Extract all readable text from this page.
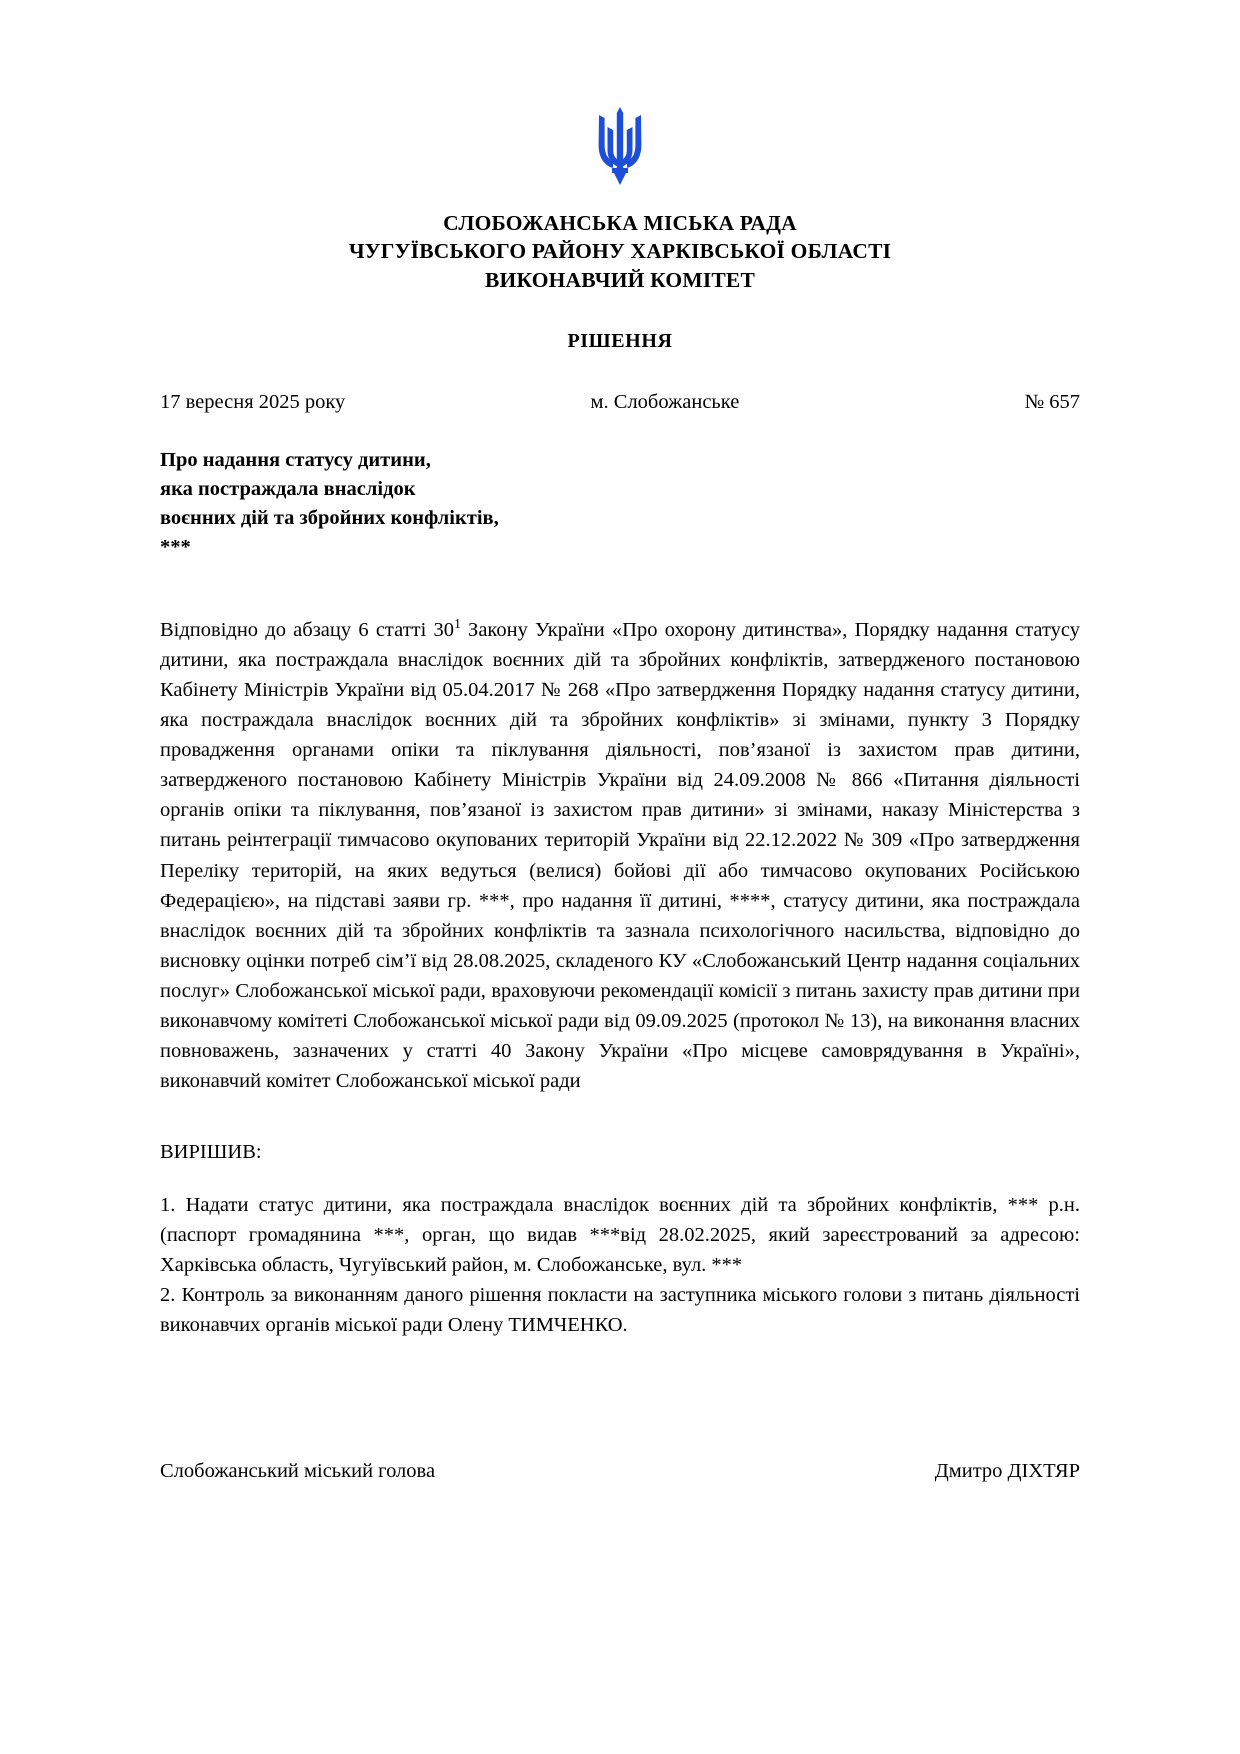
СЛОБОЖАНСЬКА МІСЬКА РАДА
ЧУГУЇВСЬКОГО РАЙОНУ ХАРКІВСЬКОЇ ОБЛАСТІ
ВИКОНАВЧИЙ КОМІТЕТ
РІШЕННЯ
17 вересня 2025 року	м. Слобожанське	№ 657
Про надання статусу дитини,
яка постраждала внаслідок
воєнних дій та збройних конфліктів,
***
Відповідно до абзацу 6 статті $30^1$ Закону України «Про охорону дитинства», Порядку надання статусу дитини, яка постраждала внаслідок воєнних дій та збройних конфліктів, затвердженого постановою Кабінету Міністрів України від 05.04.2017 № 268 «Про затвердження Порядку надання статусу дитини, яка постраждала внаслідок воєнних дій та збройних конфліктів» зі змінами, пункту 3 Порядку провадження органами опіки та піклування діяльності, пов’язаної із захистом прав дитини, затвердженого постановою Кабінету Міністрів України від 24.09.2008 № 866 «Питання діяльності органів опіки та піклування, пов’язаної із захистом прав дитини» зі змінами, наказу Міністерства з питань реінтеграції тимчасово окупованих територій України від 22.12.2022 № 309 «Про затвердження Переліку територій, на яких ведуться (велися) бойові дії або тимчасово окупованих Російською Федерацією», на підставі заяви гр. ***, про надання її дитині, ****, статусу дитини, яка постраждала внаслідок воєнних дій та збройних конфліктів та зазнала психологічного насильства, відповідно до висновку оцінки потреб сім’ї від 28.08.2025, складеного КУ «Слобожанський Центр надання соціальних послуг» Слобожанської міської ради, враховуючи рекомендації комісії з питань захисту прав дитини при виконавчому комітеті Слобожанської міської ради від 09.09.2025 (протокол № 13), на виконання власних повноважень, зазначених у статті 40 Закону України «Про місцеве самоврядування в Україні», виконавчий комітет Слобожанської міської ради
ВИРІШИВ:

1. Надати статус дитини, яка постраждала внаслідок воєнних дій та збройних конфліктів, *** р.н. (паспорт громадянина ***, орган, що видав ***від 28.02.2025, який зареєстрований за адресою: Харківська область, Чугуївський район, м. Слобожанське, вул. ***

2. Контроль за виконанням даного рішення покласти на заступника міського голови з питань діяльності виконавчих органів міської ради Олену ТИМЧЕНКО.

Слобожанський міський голова	Дмитро ДІХТЯР
